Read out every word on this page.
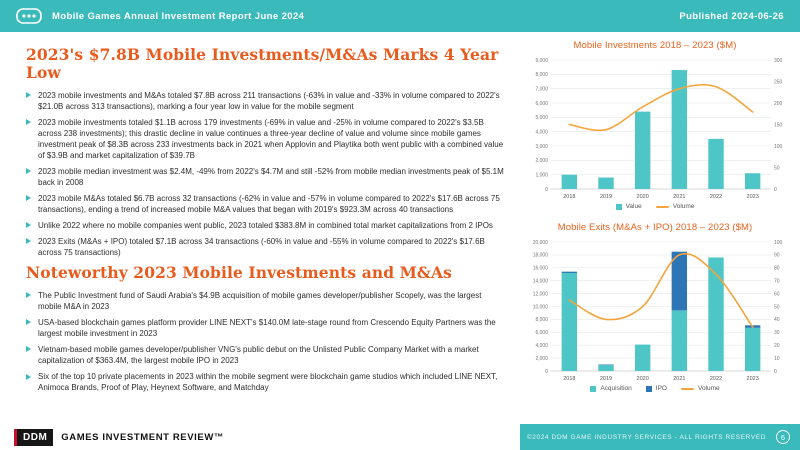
Mobile Games Annual Investment Report June 2024	Published 2024-06-26
2023's $7.8B Mobile Investments/M&As Marks 4 Year Low

2023 mobile investments and M&As totaled $7.8B across 211 transactions (-63% in value and -33% in volume compared to 2022's $21.0B across 313 transactions), marking a four year low in value for the mobile segment

2023 mobile investments totaled $1.1B across 179 investments (-69% in value and -25% in volume compared to 2022's $3.5B across 238 investments); this drastic decline in value continues a three-year decline of value and volume since mobile games investment peak of $8.3B across 233 investments back in 2021 when Applovin and Playtika both went public with a combined value of $3.9B and market capitalization of $39.7B

2023 mobile median investment was $2.4M, -49% from 2022's $4.7M and still -52% from mobile median investments peak of $5.1M back in 2008

2023 mobile M&As totaled $6.7B across 32 transactions (-62% in value and -57% in volume compared to 2022's $17.6B across 75 transactions), ending a trend of increased mobile M&A values that began with 2019's $923.3M across 40 transactions

Unlike 2022 where no mobile companies went public, 2023 totaled $383.8M in combined total market capitalizations from 2 IPOs

2023 Exits (M&As + IPO) totaled $7.1B across 34 transactions (-60% in value and -55% in volume compared to 2022's $17.6B across 75 transactions)

Noteworthy 2023 Mobile Investments and M&As

The Public Investment fund of Saudi Arabia's $4.9B acquisition of mobile games developer/publisher Scopely, was the largest mobile M&A in 2023

USA-based blockchain games platform provider LINE NEXT's $140.0M late-stage round from Crescendo Equity Partners was the largest mobile investment in 2023

Vietnam-based mobile games developer/publisher VNG's public debut on the Unlisted Public Company Market with a market capitalization of $363.4M, the largest mobile IPO in 2023

Six of the top 10 private placements in 2023 within the mobile segment were blockchain game studios which included LINE NEXT, Animoca Brands, Proof of Play, Heynext Software, and Matchday

Mobile Investments 2018 – 2023 ($M)
0
1,000
2,000
3,000
4,000
5,000
6,000
7,000
8,000
9,000
0
50
100
150
200
250
300
2018	2019	2020	2021	2022	2023
Value	Volume
Mobile Exits (M&As + IPO) 2018 – 2023 ($M)
0
2,000
4,000
6,000
8,000
10,000
12,000
14,000
16,000
18,000
20,000
0
10
20
30
40
50
60
70
80
90
100
2018	2019	2020	2021	2022	2023
Acquisition	IPO	Volume
DDM	GAMES INVESTMENT REVIEW™	©2024 DDM GAME INDUSTRY SERVICES - ALL RIGHTS RESERVED	6
